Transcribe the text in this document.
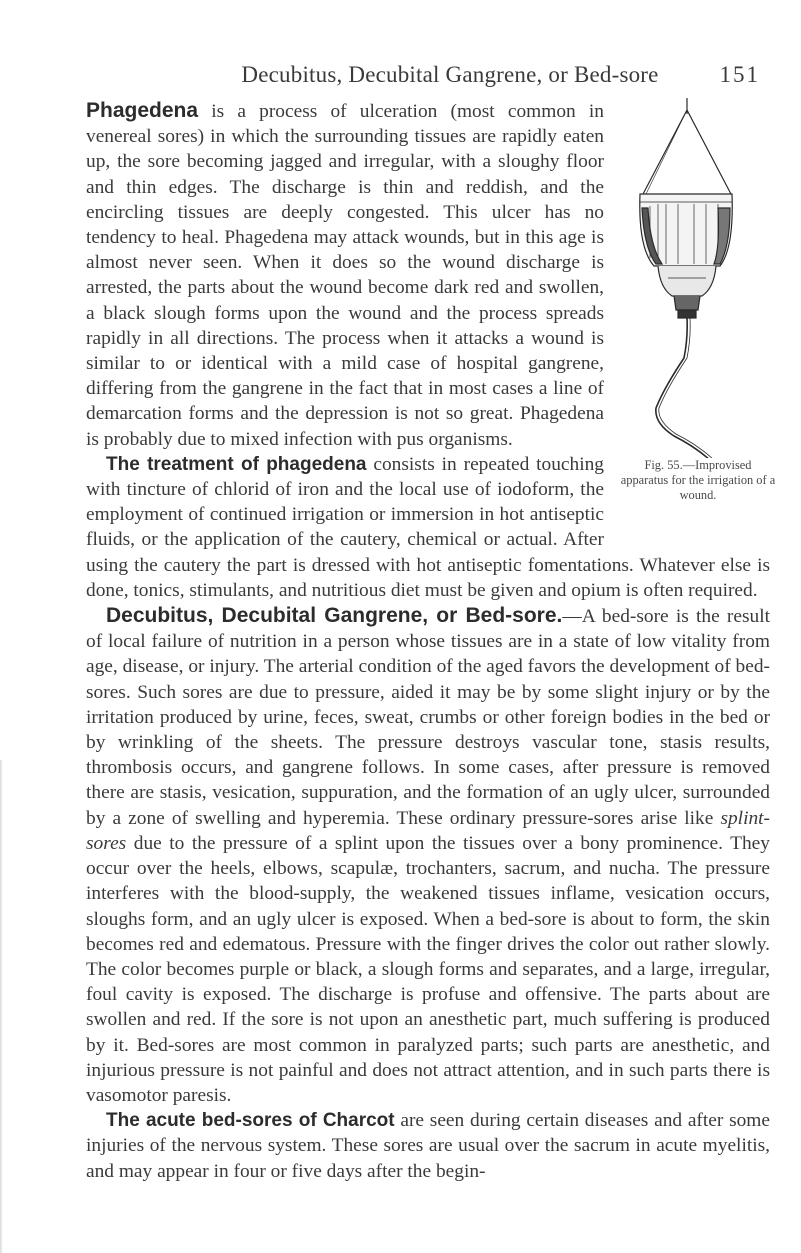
Decubitus, Decubital Gangrene, or Bed-sore	151
Fig. 55.—Improvised apparatus for the irrigation of a wound.

Phagedena is a process of ulceration (most common in venereal sores) in which the surrounding tissues are rapidly eaten up, the sore becoming jagged and irregular, with a sloughy floor and thin edges. The discharge is thin and reddish, and the encircling tissues are deeply congested. This ulcer has no tendency to heal. Phagedena may attack wounds, but in this age is almost never seen. When it does so the wound discharge is arrested, the parts about the wound become dark red and swollen, a black slough forms upon the wound and the process spreads rapidly in all directions. The process when it attacks a wound is similar to or identical with a mild case of hospital gangrene, differing from the gangrene in the fact that in most cases a line of demarcation forms and the depression is not so great. Phagedena is probably due to mixed infection with pus organisms.

The treatment of phagedena consists in repeated touching with tincture of chlorid of iron and the local use of iodoform, the employment of continued irrigation or immersion in hot antiseptic fluids, or the application of the cautery, chemical or actual. After using the cautery the part is dressed with hot antiseptic fomentations. Whatever else is done, tonics, stimulants, and nutritious diet must be given and opium is often required.

Decubitus, Decubital Gangrene, or Bed-sore.—A bed-sore is the result of local failure of nutrition in a person whose tissues are in a state of low vitality from age, disease, or injury. The arterial condition of the aged favors the development of bed-sores. Such sores are due to pressure, aided it may be by some slight injury or by the irritation produced by urine, feces, sweat, crumbs or other foreign bodies in the bed or by wrinkling of the sheets. The pressure destroys vascular tone, stasis results, thrombosis occurs, and gangrene follows. In some cases, after pressure is removed there are stasis, vesication, suppuration, and the formation of an ugly ulcer, surrounded by a zone of swelling and hyperemia. These ordinary pressure-sores arise like splint-sores due to the pressure of a splint upon the tissues over a bony prominence. They occur over the heels, elbows, scapulæ, trochanters, sacrum, and nucha. The pressure interferes with the blood-supply, the weakened tissues inflame, vesication occurs, sloughs form, and an ugly ulcer is exposed. When a bed-sore is about to form, the skin becomes red and edematous. Pressure with the finger drives the color out rather slowly. The color becomes purple or black, a slough forms and separates, and a large, irregular, foul cavity is exposed. The discharge is profuse and offensive. The parts about are swollen and red. If the sore is not upon an anesthetic part, much suffering is produced by it. Bed-sores are most common in paralyzed parts; such parts are anesthetic, and injurious pressure is not painful and does not attract attention, and in such parts there is vasomotor paresis.

The acute bed-sores of Charcot are seen during certain diseases and after some injuries of the nervous system. These sores are usual over the sacrum in acute myelitis, and may appear in four or five days after the begin-
